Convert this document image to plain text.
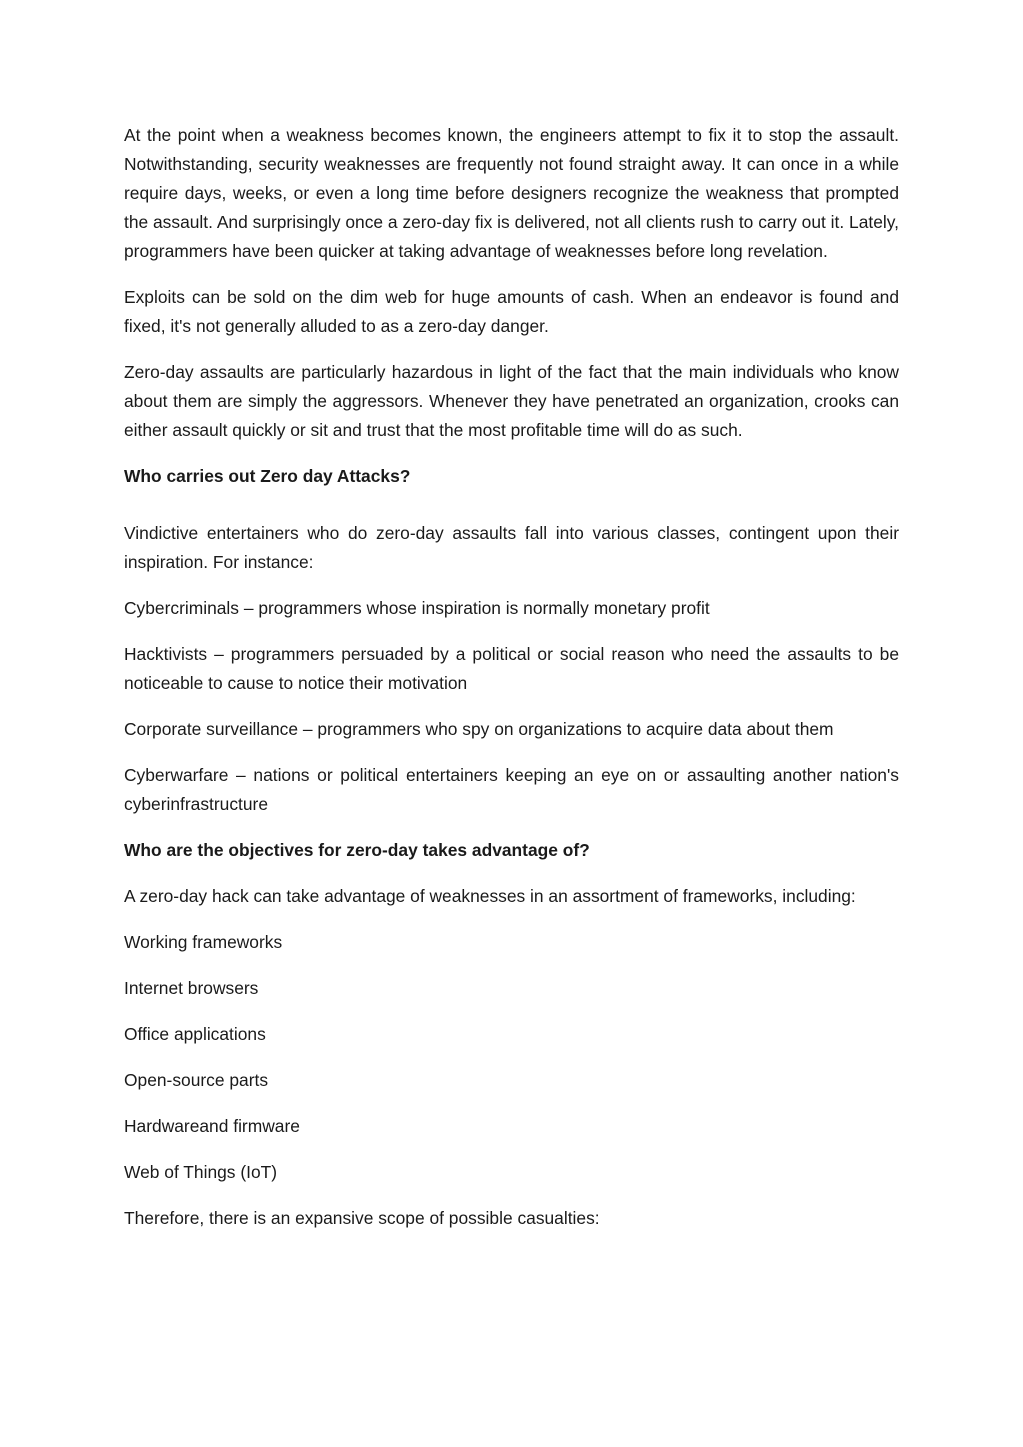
At the point when a weakness becomes known, the engineers attempt to fix it to stop the assault. Notwithstanding, security weaknesses are frequently not found straight away. It can once in a while require days, weeks, or even a long time before designers recognize the weakness that prompted the assault. And surprisingly once a zero-day fix is delivered, not all clients rush to carry out it. Lately, programmers have been quicker at taking advantage of weaknesses before long revelation.

Exploits can be sold on the dim web for huge amounts of cash. When an endeavor is found and fixed, it's not generally alluded to as a zero-day danger.

Zero-day assaults are particularly hazardous in light of the fact that the main individuals who know about them are simply the aggressors. Whenever they have penetrated an organization, crooks can either assault quickly or sit and trust that the most profitable time will do as such.

Who carries out Zero day Attacks?

Vindictive entertainers who do zero-day assaults fall into various classes, contingent upon their inspiration. For instance:

Cybercriminals – programmers whose inspiration is normally monetary profit

Hacktivists – programmers persuaded by a political or social reason who need the assaults to be noticeable to cause to notice their motivation

Corporate surveillance – programmers who spy on organizations to acquire data about them

Cyberwarfare – nations or political entertainers keeping an eye on or assaulting another nation's cyberinfrastructure

Who are the objectives for zero-day takes advantage of?

A zero-day hack can take advantage of weaknesses in an assortment of frameworks, including:

Working frameworks

Internet browsers

Office applications

Open-source parts

Hardwareand firmware

Web of Things (IoT)

Therefore, there is an expansive scope of possible casualties:
